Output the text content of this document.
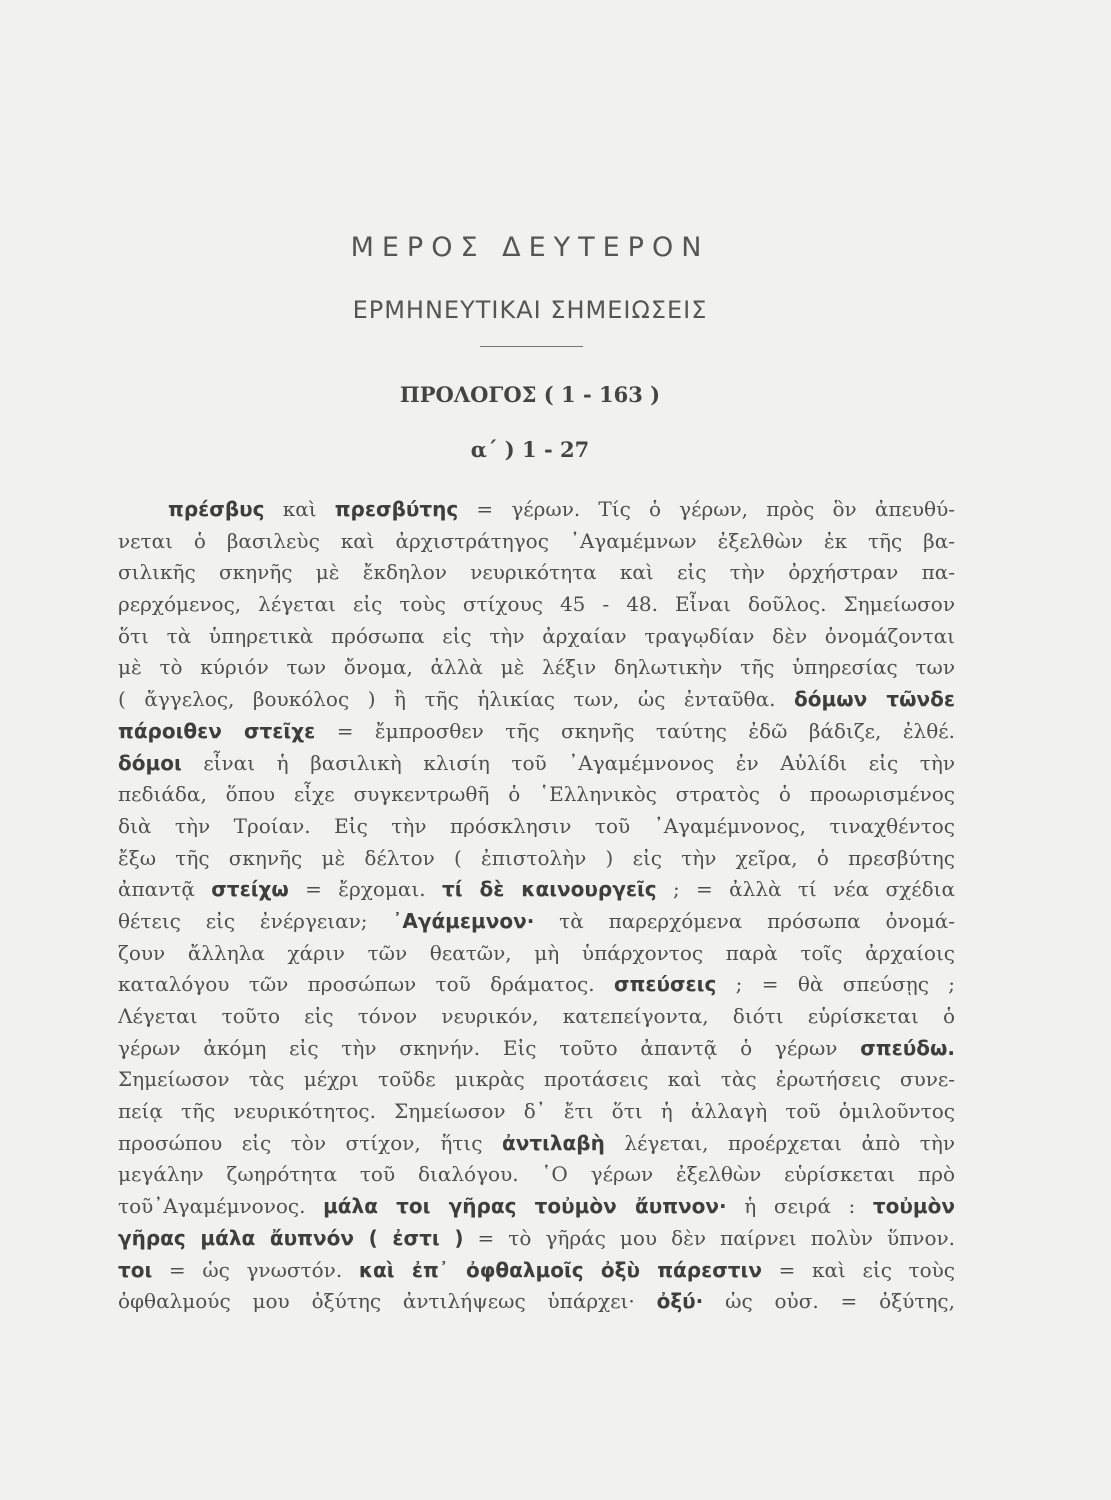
ΜΕΡΟΣ ΔΕΥΤΕΡΟΝ
ΕΡΜΗΝΕΥΤΙΚΑΙ ΣΗΜΕΙΩΣΕΙΣ
ΠΡΟΛΟΓΟΣ ( 1 - 163 )
α΄ ) 1 - 27
πρέσβυς καὶ πρεσβύτης = γέρων. Τίς ὁ γέρων, πρὸς ὃν ἀπευθύ-
νεται ὁ βασιλεὺς καὶ ἀρχιστράτηγος ᾿Αγαμέμνων ἐξελθὼν ἐκ τῆς βα-
σιλικῆς σκηνῆς μὲ ἔκδηλον νευρικότητα καὶ εἰς τὴν ὀρχήστραν πα-
ρερχόμενος, λέγεται εἰς τοὺς στίχους 45 - 48. Εἶναι δοῦλος. Σημείωσον
ὅτι τὰ ὑπηρετικὰ πρόσωπα εἰς τὴν ἀρχαίαν τραγῳδίαν δὲν ὀνομάζονται
μὲ τὸ κύριόν των ὄνομα, ἀλλὰ μὲ λέξιν δηλωτικὴν τῆς ὑπηρεσίας των
( ἄγγελος, βουκόλος ) ἢ τῆς ἡλικίας των, ὡς ἐνταῦθα. δόμων τῶνδε
πάροιθεν στεῖχε = ἔμπροσθεν τῆς σκηνῆς ταύτης ἐδῶ βάδιζε, ἐλθέ.
δόμοι εἶναι ἡ βασιλικὴ κλισίη τοῦ ᾿Αγαμέμνονος ἐν Αὐλίδι εἰς τὴν
πεδιάδα, ὅπου εἶχε συγκεντρωθῆ ὁ ῾Ελληνικὸς στρατὸς ὁ προωρισμένος
διὰ τὴν Τροίαν. Εἰς τὴν πρόσκλησιν τοῦ ᾿Αγαμέμνονος, τιναχθέντος
ἔξω τῆς σκηνῆς μὲ δέλτον ( ἐπιστολὴν ) εἰς τὴν χεῖρα, ὁ πρεσβύτης
ἀπαντᾷ στείχω = ἔρχομαι. τί δὲ καινουργεῖς ; = ἀλλὰ τί νέα σχέδια
θέτεις εἰς ἐνέργειαν; ᾿Αγάμεμνον· τὰ παρερχόμενα πρόσωπα ὀνομά-
ζουν ἄλληλα χάριν τῶν θεατῶν, μὴ ὑπάρχοντος παρὰ τοῖς ἀρχαίοις
καταλόγου τῶν προσώπων τοῦ δράματος. σπεύσεις ; = θὰ σπεύσῃς ;
Λέγεται τοῦτο εἰς τόνον νευρικόν, κατεπείγοντα, διότι εὑρίσκεται ὁ
γέρων ἀκόμη εἰς τὴν σκηνήν. Εἰς τοῦτο ἀπαντᾷ ὁ γέρων σπεύδω.
Σημείωσον τὰς μέχρι τοῦδε μικρὰς προτάσεις καὶ τὰς ἐρωτήσεις συνε-
πείᾳ τῆς νευρικότητος. Σημείωσον δ᾿ ἔτι ὅτι ἡ ἀλλαγὴ τοῦ ὁμιλοῦντος
προσώπου εἰς τὸν στίχον, ἥτις ἀντιλαβὴ λέγεται, προέρχεται ἀπὸ τὴν
μεγάλην ζωηρότητα τοῦ διαλόγου. ῾Ο γέρων ἐξελθὼν εὑρίσκεται πρὸ
τοῦ᾿Αγαμέμνονος. μάλα τοι γῆρας τοὐμὸν ἄυπνον· ἡ σειρά : τοὐμὸν
γῆρας μάλα ἄυπνόν ( ἐστι ) = τὸ γῆράς μου δὲν παίρνει πολὺν ὕπνον.
τοι = ὡς γνωστόν. καὶ ἐπ᾿ ὀφθαλμοῖς ὀξὺ πάρεστιν = καὶ εἰς τοὺς
ὀφθαλμούς μου ὀξύτης ἀντιλήψεως ὑπάρχει· ὀξύ· ὡς οὐσ. = ὀξύτης,
